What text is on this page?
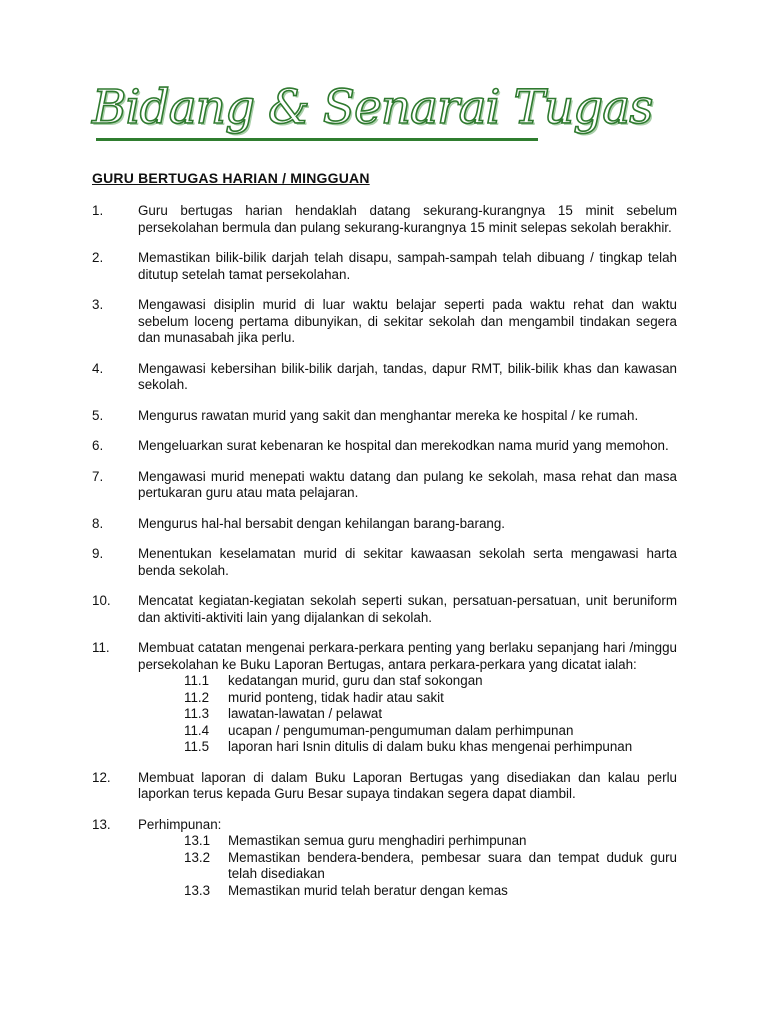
Bidang & Senarai Tugas
GURU BERTUGAS HARIAN / MINGGUAN
1.	Guru bertugas harian hendaklah datang sekurang-kurangnya 15 minit sebelum persekolahan bermula dan pulang sekurang-kurangnya 15 minit selepas sekolah berakhir.
2.	Memastikan bilik-bilik darjah telah disapu, sampah-sampah telah dibuang / tingkap telah ditutup setelah tamat persekolahan.
3.	Mengawasi disiplin murid di luar waktu belajar seperti pada waktu rehat dan waktu sebelum loceng pertama dibunyikan, di sekitar sekolah dan mengambil tindakan segera dan munasabah jika perlu.
4.	Mengawasi kebersihan bilik-bilik darjah, tandas, dapur RMT, bilik-bilik khas dan kawasan sekolah.
5.	Mengurus rawatan murid yang sakit dan menghantar mereka ke hospital / ke rumah.
6.	Mengeluarkan surat kebenaran ke hospital dan merekodkan nama murid yang memohon.
7.	Mengawasi murid menepati waktu datang dan pulang ke sekolah, masa rehat dan masa pertukaran guru atau mata pelajaran.
8.	Mengurus hal-hal bersabit dengan kehilangan barang-barang.
9.	Menentukan keselamatan murid di sekitar kawaasan sekolah serta mengawasi harta benda sekolah.
10.	Mencatat kegiatan-kegiatan sekolah seperti sukan, persatuan-persatuan, unit beruniform dan aktiviti-aktiviti lain yang dijalankan di sekolah.
11.	Membuat catatan mengenai perkara-perkara penting yang berlaku sepanjang hari /minggu persekolahan ke Buku Laporan Bertugas, antara perkara-perkara yang dicatat ialah:
11.1	kedatangan murid, guru dan staf sokongan
11.2	murid ponteng, tidak hadir atau sakit
11.3	lawatan-lawatan / pelawat
11.4	ucapan / pengumuman-pengumuman dalam perhimpunan
11.5	laporan hari Isnin ditulis di dalam buku khas mengenai perhimpunan
12.	Membuat laporan di dalam Buku Laporan Bertugas yang disediakan dan kalau perlu laporkan terus kepada Guru Besar supaya tindakan segera dapat diambil.
13.	Perhimpunan:
13.1	Memastikan semua guru menghadiri perhimpunan
13.2	Memastikan bendera-bendera, pembesar suara dan tempat duduk guru telah disediakan
13.3	Memastikan murid telah beratur dengan kemas
